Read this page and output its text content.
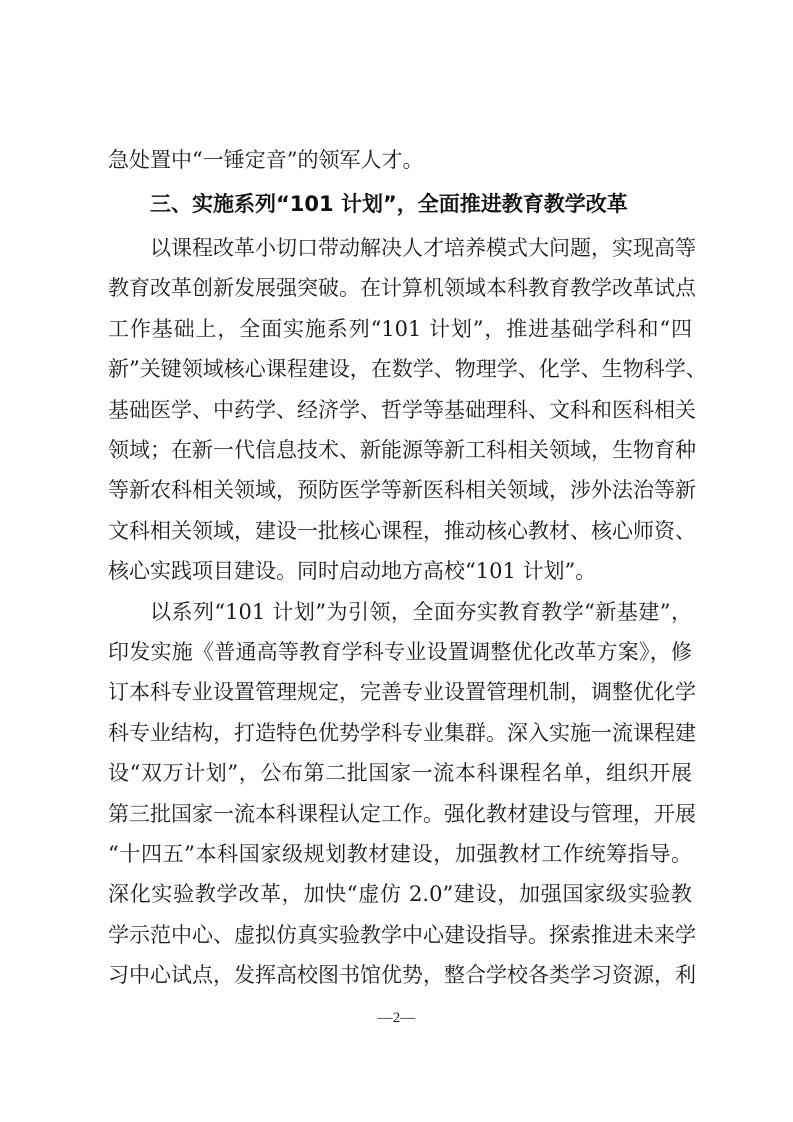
急处置中“一锤定音”的领军人才。
三、实施系列“101 计划”，全面推进教育教学改革
以课程改革小切口带动解决人才培养模式大问题，实现高等
教育改革创新发展强突破。在计算机领域本科教育教学改革试点
工作基础上，全面实施系列“101 计划”，推进基础学科和“四
新”关键领域核心课程建设，在数学、物理学、化学、生物科学、
基础医学、中药学、经济学、哲学等基础理科、文科和医科相关
领域；在新一代信息技术、新能源等新工科相关领域，生物育种
等新农科相关领域，预防医学等新医科相关领域，涉外法治等新
文科相关领域，建设一批核心课程，推动核心教材、核心师资、
核心实践项目建设。同时启动地方高校“101 计划”。
以系列“101 计划”为引领，全面夯实教育教学“新基建”，
印发实施《普通高等教育学科专业设置调整优化改革方案》，修
订本科专业设置管理规定，完善专业设置管理机制，调整优化学
科专业结构，打造特色优势学科专业集群。深入实施一流课程建
设“双万计划”，公布第二批国家一流本科课程名单，组织开展
第三批国家一流本科课程认定工作。强化教材建设与管理，开展
“十四五”本科国家级规划教材建设，加强教材工作统筹指导。
深化实验教学改革，加快“虚仿 2.0”建设，加强国家级实验教
学示范中心、虚拟仿真实验教学中心建设指导。探索推进未来学
习中心试点，发挥高校图书馆优势，整合学校各类学习资源，利
—2—
